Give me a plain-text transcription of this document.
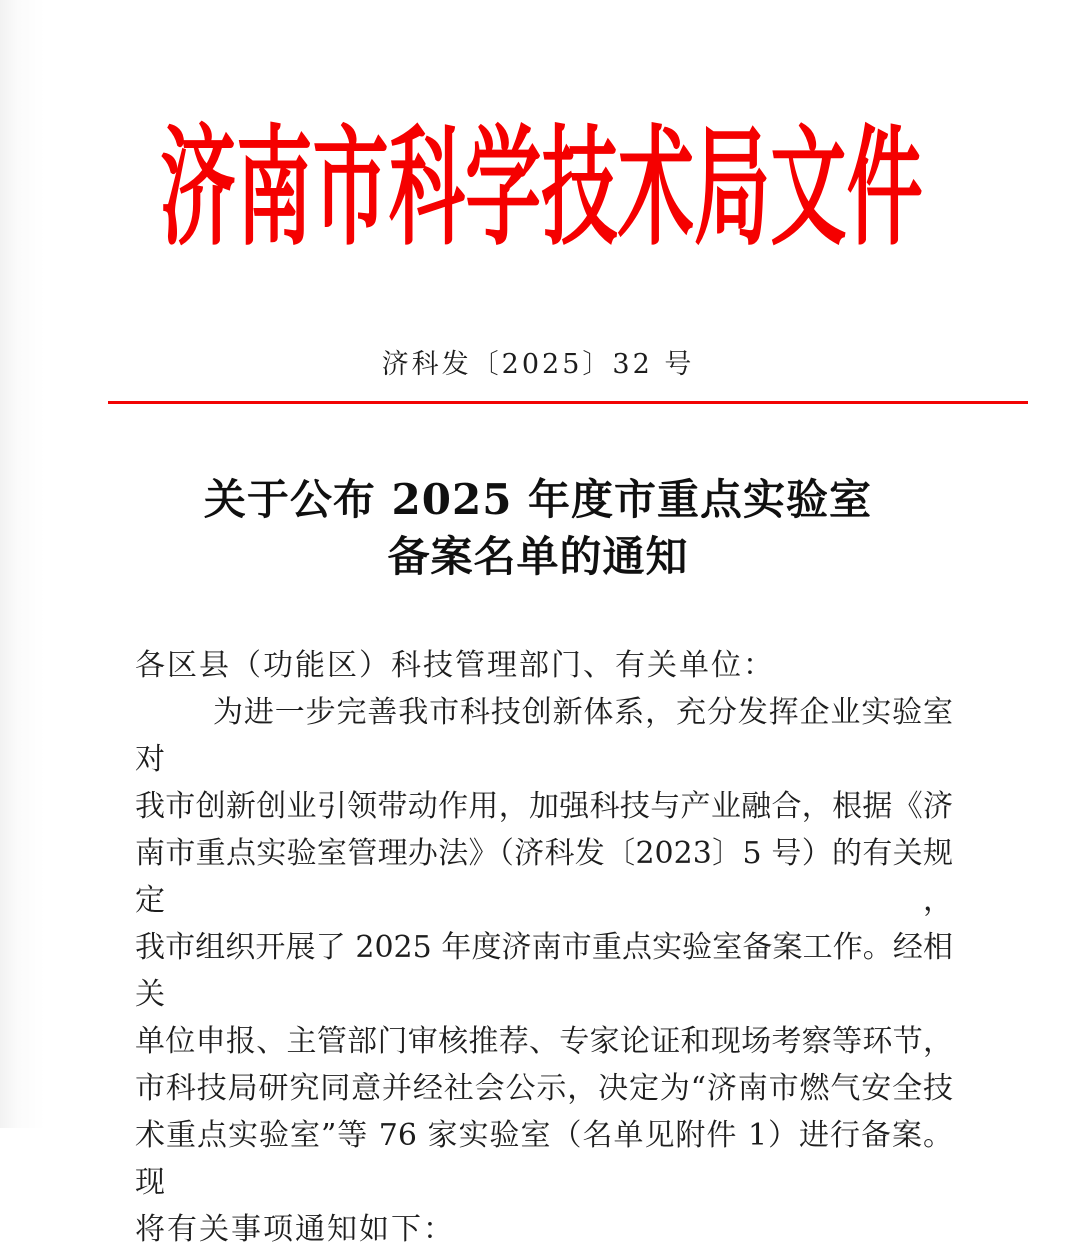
济南市科学技术局文件
济科发〔2025〕32 号
关于公布 2025 年度市重点实验室
备案名单的通知
各区县（功能区）科技管理部门、有关单位：
为进一步完善我市科技创新体系，充分发挥企业实验室对
我市创新创业引领带动作用，加强科技与产业融合，根据《济
南市重点实验室管理办法》（济科发〔2023〕5 号）的有关规定，
我市组织开展了 2025 年度济南市重点实验室备案工作。经相关
单位申报、主管部门审核推荐、专家论证和现场考察等环节，
市科技局研究同意并经社会公示，决定为“济南市燃气安全技
术重点实验室”等 76 家实验室（名单见附件 1）进行备案。现
将有关事项通知如下：
